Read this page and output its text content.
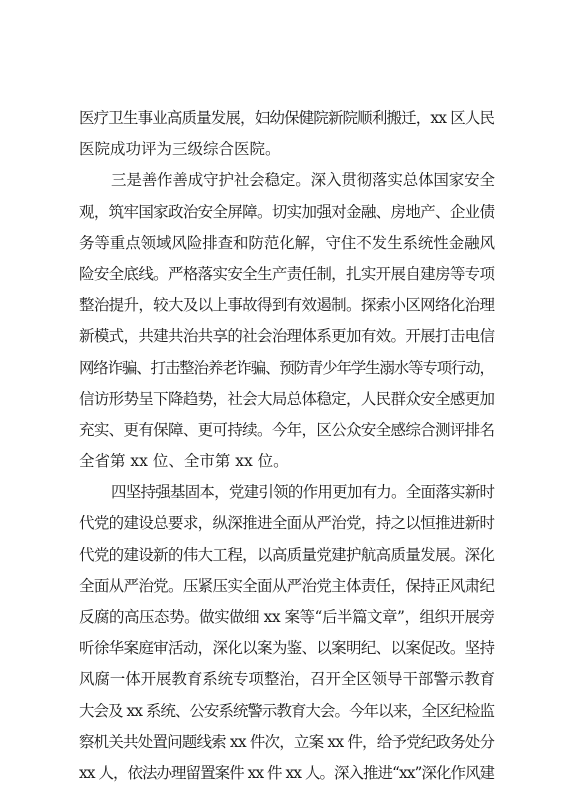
医疗卫生事业高质量发展，妇幼保健院新院顺利搬迁，xx 区人民
医院成功评为三级综合医院。
三是善作善成守护社会稳定。深入贯彻落实总体国家安全
观，筑牢国家政治安全屏障。切实加强对金融、房地产、企业债
务等重点领域风险排查和防范化解，守住不发生系统性金融风
险安全底线。严格落实安全生产责任制，扎实开展自建房等专项
整治提升，较大及以上事故得到有效遏制。探索小区网络化治理
新模式，共建共治共享的社会治理体系更加有效。开展打击电信
网络诈骗、打击整治养老诈骗、预防青少年学生溺水等专项行动，
信访形势呈下降趋势，社会大局总体稳定，人民群众安全感更加
充实、更有保障、更可持续。今年，区公众安全感综合测评排名
全省第 xx 位、全市第 xx 位。
四坚持强基固本，党建引领的作用更加有力。全面落实新时
代党的建设总要求，纵深推进全面从严治党，持之以恒推进新时
代党的建设新的伟大工程，以高质量党建护航高质量发展。深化
全面从严治党。压紧压实全面从严治党主体责任，保持正风肃纪
反腐的高压态势。做实做细 xx 案等“后半篇文章”，组织开展旁
听徐华案庭审活动，深化以案为鉴、以案明纪、以案促改。坚持
风腐一体开展教育系统专项整治，召开全区领导干部警示教育
大会及 xx 系统、公安系统警示教育大会。今年以来，全区纪检监
察机关共处置问题线索 xx 件次，立案 xx 件，给予党纪政务处分
xx 人，依法办理留置案件 xx 件 xx 人。深入推进“xx”深化作风建
